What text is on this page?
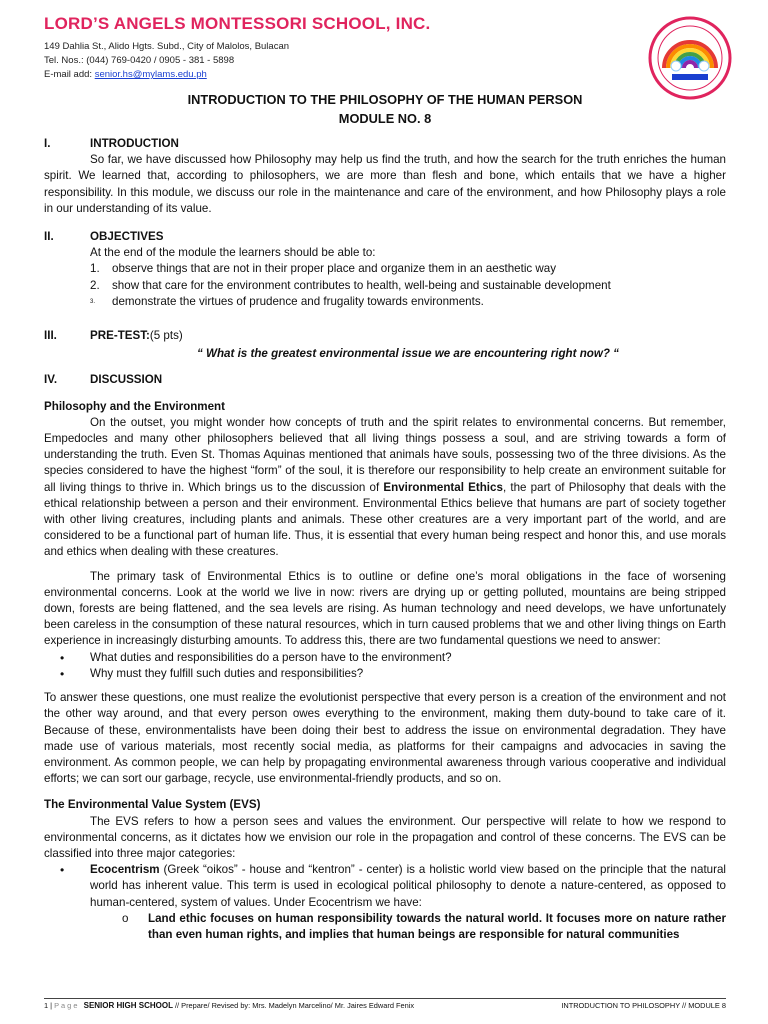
LORD’S ANGELS MONTESSORI SCHOOL, INC.
149 Dahlia St., Alido Hgts. Subd., City of Malolos, Bulacan
Tel. Nos.: (044) 769-0420 / 0905 - 381 - 5898
E-mail add: senior.hs@mylams.edu.ph

INTRODUCTION TO THE PHILOSOPHY OF THE HUMAN PERSON

MODULE NO. 8

I.	INTRODUCTION

So far, we have discussed how Philosophy may help us find the truth, and how the search for the truth enriches the human spirit. We learned that, according to philosophers, we are more than flesh and bone, which entails that we have a higher responsibility. In this module, we discuss our role in the maintenance and care of the environment, and how Philosophy plays a role in our understanding of its value.

II.	OBJECTIVES

At the end of the module the learners should be able to:

1.	observe things that are not in their proper place and organize them in an aesthetic way
2.	show that care for the environment contributes to health, well-being and sustainable development
3.	demonstrate the virtues of prudence and frugality towards environments.
III.	PRE-TEST: (5 pts)

“ What is the greatest environmental issue we are encountering right now? “

IV.	DISCUSSION

Philosophy and the Environment

On the outset, you might wonder how concepts of truth and the spirit relates to environmental concerns. But remember, Empedocles and many other philosophers believed that all living things possess a soul, and are striving towards a form of understanding the truth. Even St. Thomas Aquinas mentioned that animals have souls, possessing two of the three divisions. As the species considered to have the highest “form” of the soul, it is therefore our responsibility to help create an environment suitable for all living things to thrive in. Which brings us to the discussion of Environmental Ethics, the part of Philosophy that deals with the ethical relationship between a person and their environment. Environmental Ethics believe that humans are part of society together with other living creatures, including plants and animals. These other creatures are a very important part of the world, and are considered to be a functional part of human life. Thus, it is essential that every human being respect and honor this, and use morals and ethics when dealing with these creatures.

The primary task of Environmental Ethics is to outline or define one’s moral obligations in the face of worsening environmental concerns. Look at the world we live in now: rivers are drying up or getting polluted, mountains are being stripped down, forests are being flattened, and the sea levels are rising. As human technology and need develops, we have unfortunately been careless in the consumption of these natural resources, which in turn caused problems that we and other living things on Earth experience in increasingly disturbing amounts. To address this, there are two fundamental questions we need to answer:

•	What duties and responsibilities do a person have to the environment?
•	Why must they fulfill such duties and responsibilities?

To answer these questions, one must realize the evolutionist perspective that every person is a creation of the environment and not the other way around, and that every person owes everything to the environment, making them duty-bound to take care of it. Because of these, environmentalists have been doing their best to address the issue on environmental degradation. They have made use of various materials, most recently social media, as platforms for their campaigns and advocacies in saving the environment. As common people, we can help by propagating environmental awareness through various cooperative and individual efforts; we can sort our garbage, recycle, use environmental-friendly products, and so on.

The Environmental Value System (EVS)

The EVS refers to how a person sees and values the environment. Our perspective will relate to how we respond to environmental concerns, as it dictates how we envision our role in the propagation and control of these concerns. The EVS can be classified into three major categories:

•	Ecocentrism (Greek “oikos” - house and “kentron” - center) is a holistic world view based on the principle that the natural world has inherent value. This term is used in ecological political philosophy to denote a nature-centered, as opposed to human-centered, system of values. Under Ecocentrism we have:
o	Land ethic focuses on human responsibility towards the natural world. It focuses more on nature rather than even human rights, and implies that human beings are responsible for natural communities
1 | P a g e SENIOR HIGH SCHOOL // Prepare/ Revised by: Mrs. Madelyn Marcelino/ Mr. Jaires Edward Fenix	INTRODUCTION TO PHILOSOPHY // MODULE 8
